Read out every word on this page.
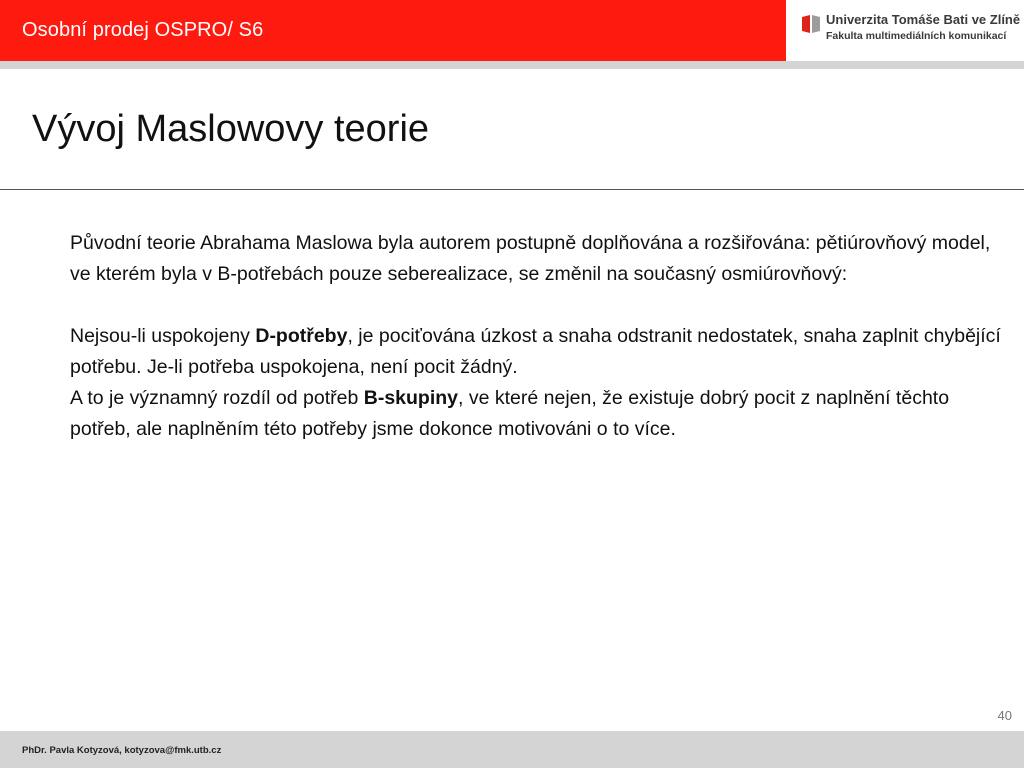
Osobní prodej OSPRO/ S6	Univerzita Tomáše Bati ve Zlíně
Fakulta multimediálních komunikací
Vývoj Maslowovy teorie

Původní teorie Abrahama Maslowa byla autorem postupně doplňována a rozšiřována: pětiúrovňový model, ve kterém byla v B-potřebách pouze seberealizace, se změnil na současný osmiúrovňový:

Nejsou-li uspokojeny D-potřeby, je pociťována úzkost a snaha odstranit nedostatek, snaha zaplnit chybějící potřebu. Je-li potřeba uspokojena, není pocit žádný.

A to je významný rozdíl od potřeb B-skupiny, ve které nejen, že existuje dobrý pocit z naplnění těchto potřeb, ale naplněním této potřeby jsme dokonce motivováni o to více.

40
PhDr. Pavla Kotyzová, kotyzova@fmk.utb.cz
